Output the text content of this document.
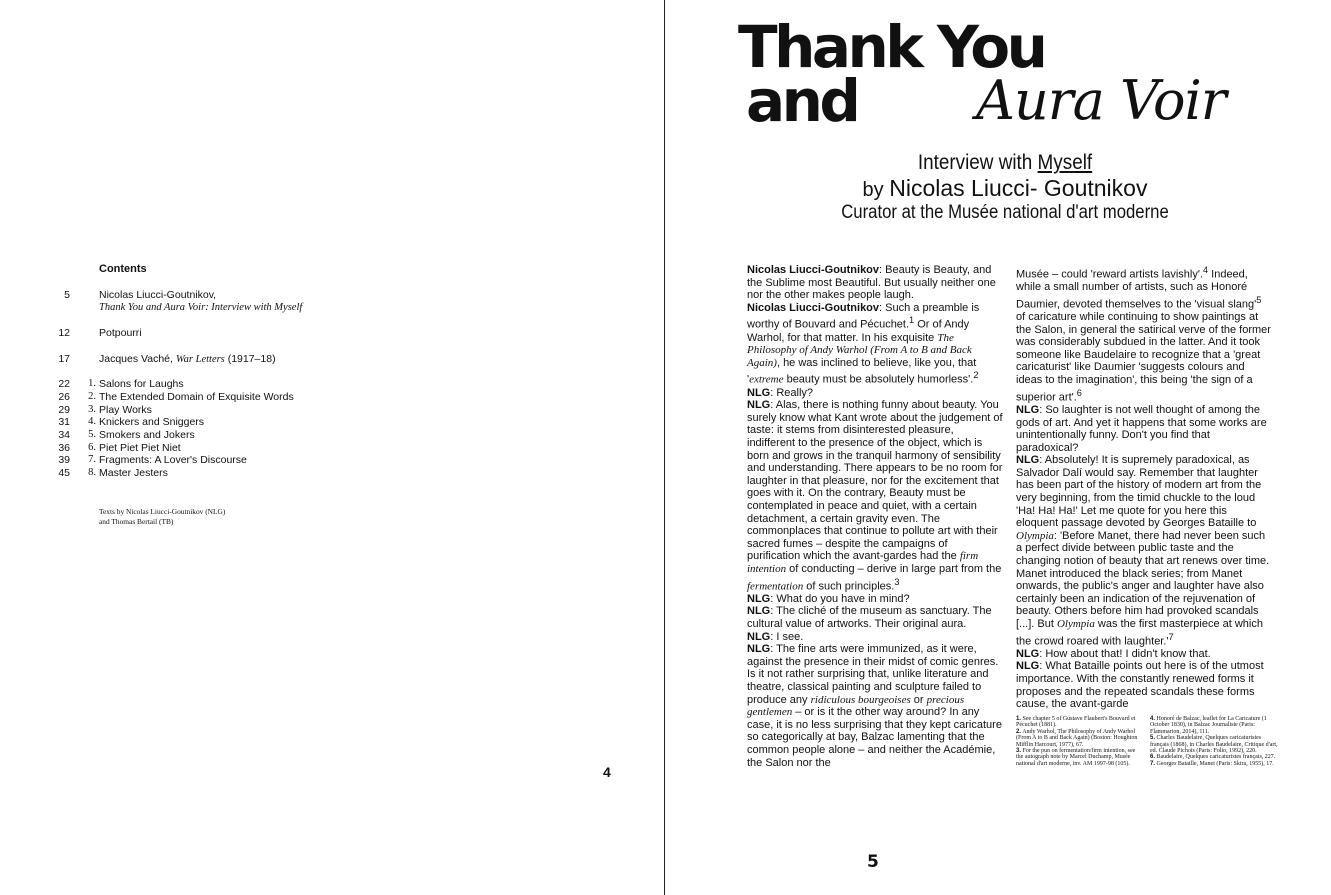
Contents
5	Nicolas Liucci-Goutnikov,
Thank You and Aura Voir: Interview with Myself
12	Potpourri
17	Jacques Vaché, War Letters (1917–18)
22	1. Salons for Laughs
26	2. The Extended Domain of Exquisite Words
29	3. Play Works
31	4. Knickers and Sniggers
34	5. Smokers and Jokers
36	6. Piet Piet Piet Niet
39	7. Fragments: A Lover's Discourse
45	8. Master Jesters
Texts by Nicolas Liucci-Goutnikov (NLG)
and Thomas Bertail (TB)
4
Thank You
and Aura Voir
Interview with Myself
by Nicolas Liucci- Goutnikov
Curator at the Musée national d'art moderne

Nicolas Liucci-Goutnikov: Beauty is Beauty, and the Sublime most Beautiful. But usually neither one nor the other makes people laugh.

Nicolas Liucci-Goutnikov: Such a preamble is worthy of Bouvard and Pécuchet.$^1$ Or of Andy Warhol, for that matter. In his exquisite The Philosophy of Andy Warhol (From A to B and Back Again), he was inclined to believe, like you, that 'extreme beauty must be absolutely humorless'.$^2$

NLG: Really?

NLG: Alas, there is nothing funny about beauty. You surely know what Kant wrote about the judgement of taste: it stems from disinterested pleasure, indifferent to the presence of the object, which is born and grows in the tranquil harmony of sensibility and understanding. There appears to be no room for laughter in that pleasure, nor for the excitement that goes with it. On the contrary, Beauty must be contemplated in peace and quiet, with a certain detachment, a certain gravity even. The commonplaces that continue to pollute art with their sacred fumes – despite the campaigns of purification which the avant-gardes had the firm intention of conducting – derive in large part from the fermentation of such principles.$^3$

NLG: What do you have in mind?

NLG: The cliché of the museum as sanctuary. The cultural value of artworks. Their original aura.

NLG: I see.

NLG: The fine arts were immunized, as it were, against the presence in their midst of comic genres. Is it not rather surprising that, unlike literature and theatre, classical painting and sculpture failed to produce any ridiculous bourgeoises or precious gentlemen – or is it the other way around? In any case, it is no less surprising that they kept caricature so categorically at bay, Balzac lamenting that the common people alone – and neither the Académie, the Salon nor the

Musée – could 'reward artists lavishly'.$^4$ Indeed, while a small number of artists, such as Honoré Daumier, devoted themselves to the 'visual $slang'^5$ of caricature while continuing to show paintings at the Salon, in general the satirical verve of the former was considerably subdued in the latter. And it took someone like Baudelaire to recognize that a 'great caricaturist' like Daumier 'suggests colours and ideas to the imagination', this being 'the sign of a superior art'.$^6$

NLG: So laughter is not well thought of among the gods of art. And yet it happens that some works are unintentionally funny. Don't you find that paradoxical?

NLG: Absolutely! It is supremely paradoxical, as Salvador Dalí would say. Remember that laughter has been part of the history of modern art from the very beginning, from the timid chuckle to the loud 'Ha! Ha! Ha!' Let me quote for you here this eloquent passage devoted by Georges Bataille to Olympia: 'Before Manet, there had never been such a perfect divide between public taste and the changing notion of beauty that art renews over time. Manet introduced the black series; from Manet onwards, the public's anger and laughter have also certainly been an indication of the rejuvenation of beauty. Others before him had provoked scandals [...]. But Olympia was the first masterpiece at which the crowd roared with $laughter.'^7$

NLG: How about that! I didn't know that.

NLG: What Bataille points out here is of the utmost importance. With the constantly renewed forms it proposes and the repeated scandals these forms cause, the avant-garde

1. See chapter 5 of Gustave Flaubert's Bouvard et Pécuchet (1881).
2. Andy Warhol, The Philosophy of Andy Warhol (From A to B and Back Again) (Boston: Houghton Mifflin Harcourt, 1977), 67.
3. For the pun on fermentation/firm intention, see the autograph note by Marcel Duchamp, Musée national d'art moderne, inv. AM 1997-98 (105).
4. Honoré de Balzac, leaflet for La Caricature (1 October 1830), in Balzac Journaliste (Paris: Flammarion, 2014), 111.
5. Charles Baudelaire, Quelques caricaturistes français (1868), in Charles Baudelaire, Critique d'art, ed. Claude Pichois (Paris: Folio, 1992), 220.
6. Baudelaire, Quelques caricaturistes français, 227.
7. Georges Bataille, Manet (Paris: Skira, 1955), 17.
5
